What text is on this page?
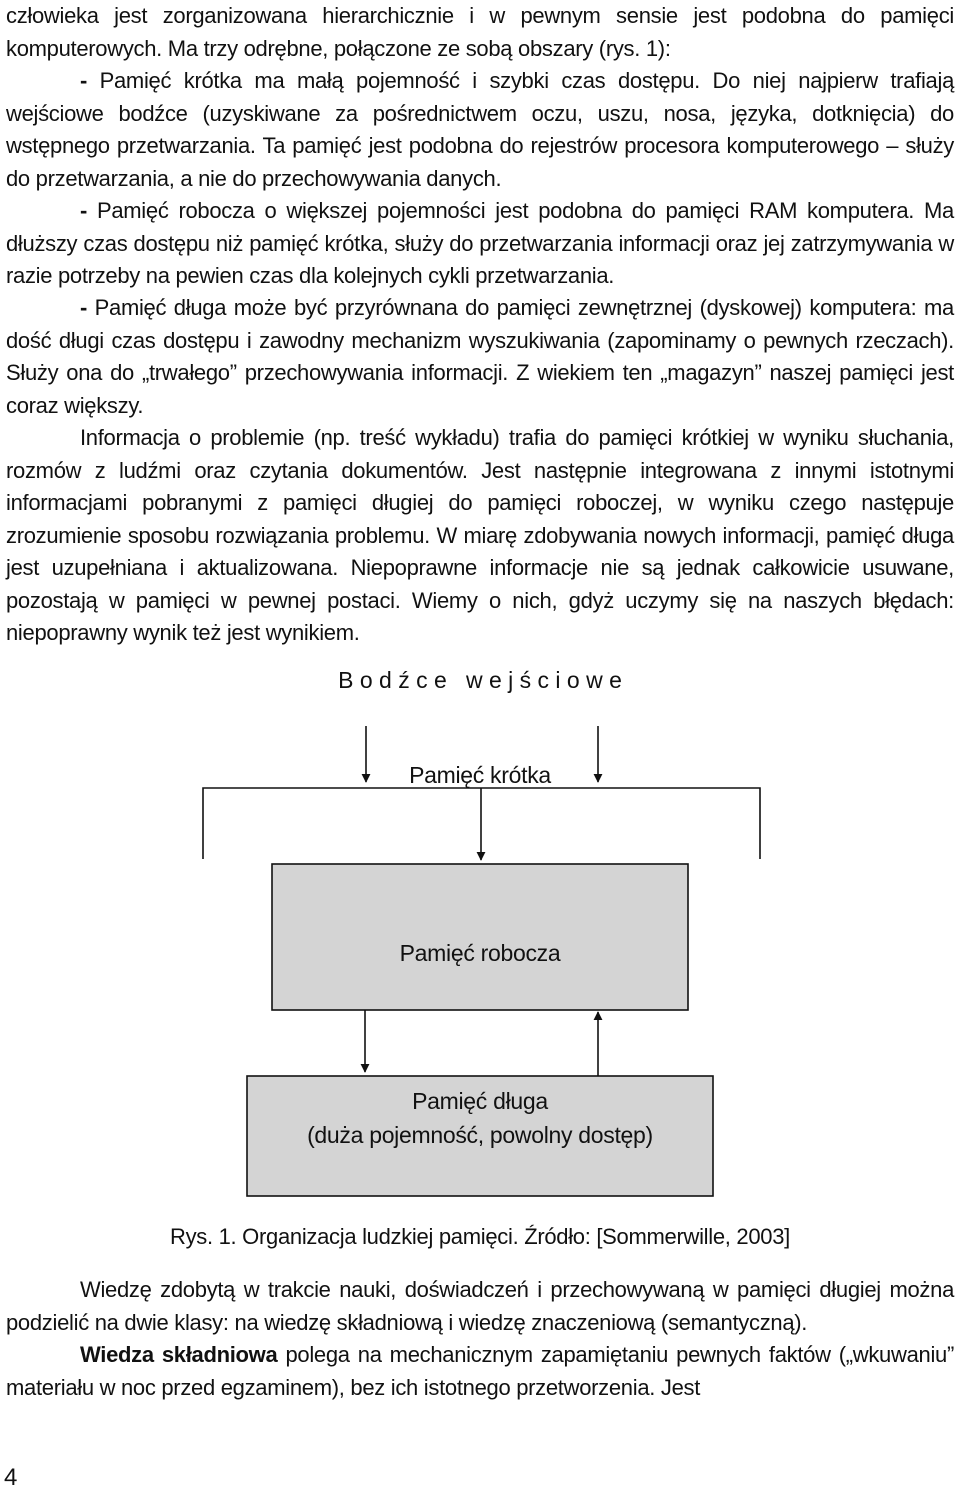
człowieka jest zorganizowana hierarchicznie i w pewnym sensie jest podobna do pamięci komputerowych. Ma trzy odrębne, połączone ze sobą obszary (rys. 1):
- Pamięć krótka ma małą pojemność i szybki czas dostępu. Do niej najpierw trafiają wejściowe bodźce (uzyskiwane za pośrednictwem oczu, uszu, nosa, języka, dotknięcia) do wstępnego przetwarzania. Ta pamięć jest podobna do rejestrów procesora komputerowego – służy do przetwarzania, a nie do przechowywania danych.
- Pamięć robocza o większej pojemności jest podobna do pamięci RAM komputera. Ma dłuższy czas dostępu niż pamięć krótka, służy do przetwarzania informacji oraz jej zatrzymywania w razie potrzeby na pewien czas dla kolejnych cykli przetwarzania.
- Pamięć długa może być przyrównana do pamięci zewnętrznej (dyskowej) komputera: ma dość długi czas dostępu i zawodny mechanizm wyszukiwania (zapominamy o pewnych rzeczach). Służy ona do „trwałego” przechowywania informacji. Z wiekiem ten „magazyn” naszej pamięci jest coraz większy.
Informacja o problemie (np. treść wykładu) trafia do pamięci krótkiej w wyniku słuchania, rozmów z ludźmi oraz czytania dokumentów. Jest następnie integrowana z innymi istotnymi informacjami pobranymi z pamięci długiej do pamięci roboczej, w wyniku czego następuje zrozumienie sposobu rozwiązania problemu. W miarę zdobywania nowych informacji, pamięć długa jest uzupełniana i aktualizowana. Niepoprawne informacje nie są jednak całkowicie usuwane, pozostają w pamięci w pewnej postaci. Wiemy o nich, gdyż uczymy się na naszych błędach: niepoprawny wynik też jest wynikiem.
B o d ź c e   w e j ś c i o w e
Pamięć krótka
Pamięć robocza
Pamięć długa
(duża pojemność, powolny dostęp)
Rys. 1. Organizacja ludzkiej pamięci. Źródło: [Sommerwille, 2003]
Wiedzę zdobytą w trakcie nauki, doświadczeń i przechowywaną w pamięci długiej można podzielić na dwie klasy: na wiedzę składniową i wiedzę znaczeniową (semantyczną).
Wiedza składniowa polega na mechanicznym zapamiętaniu pewnych faktów („wkuwaniu” materiału w noc przed egzaminem), bez ich istotnego przetworzenia. Jest
4
